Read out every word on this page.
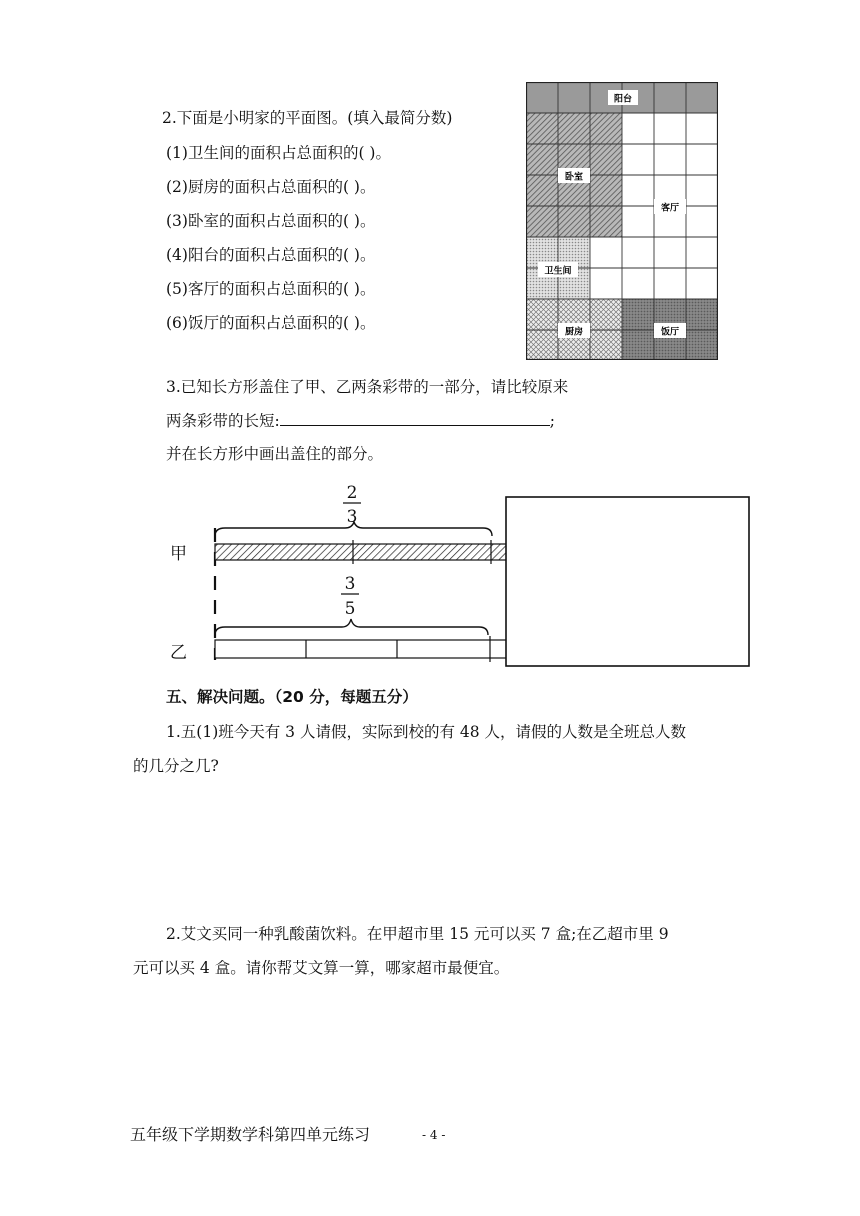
2.下面是小明家的平面图。(填入最简分数)
(1)卫生间的面积占总面积的( )。
(2)厨房的面积占总面积的( )。
(3)卧室的面积占总面积的( )。
(4)阳台的面积占总面积的( )。
(5)客厅的面积占总面积的( )。
(6)饭厅的面积占总面积的( )。
阳台
卧室
客厅
卫生间
厨房	饭厅
3.已知长方形盖住了甲、乙两条彩带的一部分，请比较原来
两条彩带的长短:	;
并在长方形中画出盖住的部分。
甲
乙
2
3
3
5
五、解决问题。（20 分，每题五分）
1.五(1)班今天有 3 人请假，实际到校的有 48 人，请假的人数是全班总人数
的几分之几?
2.艾文买同一种乳酸菌饮料。在甲超市里 15 元可以买 7 盒;在乙超市里 9
元可以买 4 盒。请你帮艾文算一算，哪家超市最便宜。
五年级下学期数学科第四单元练习	- 4 -
